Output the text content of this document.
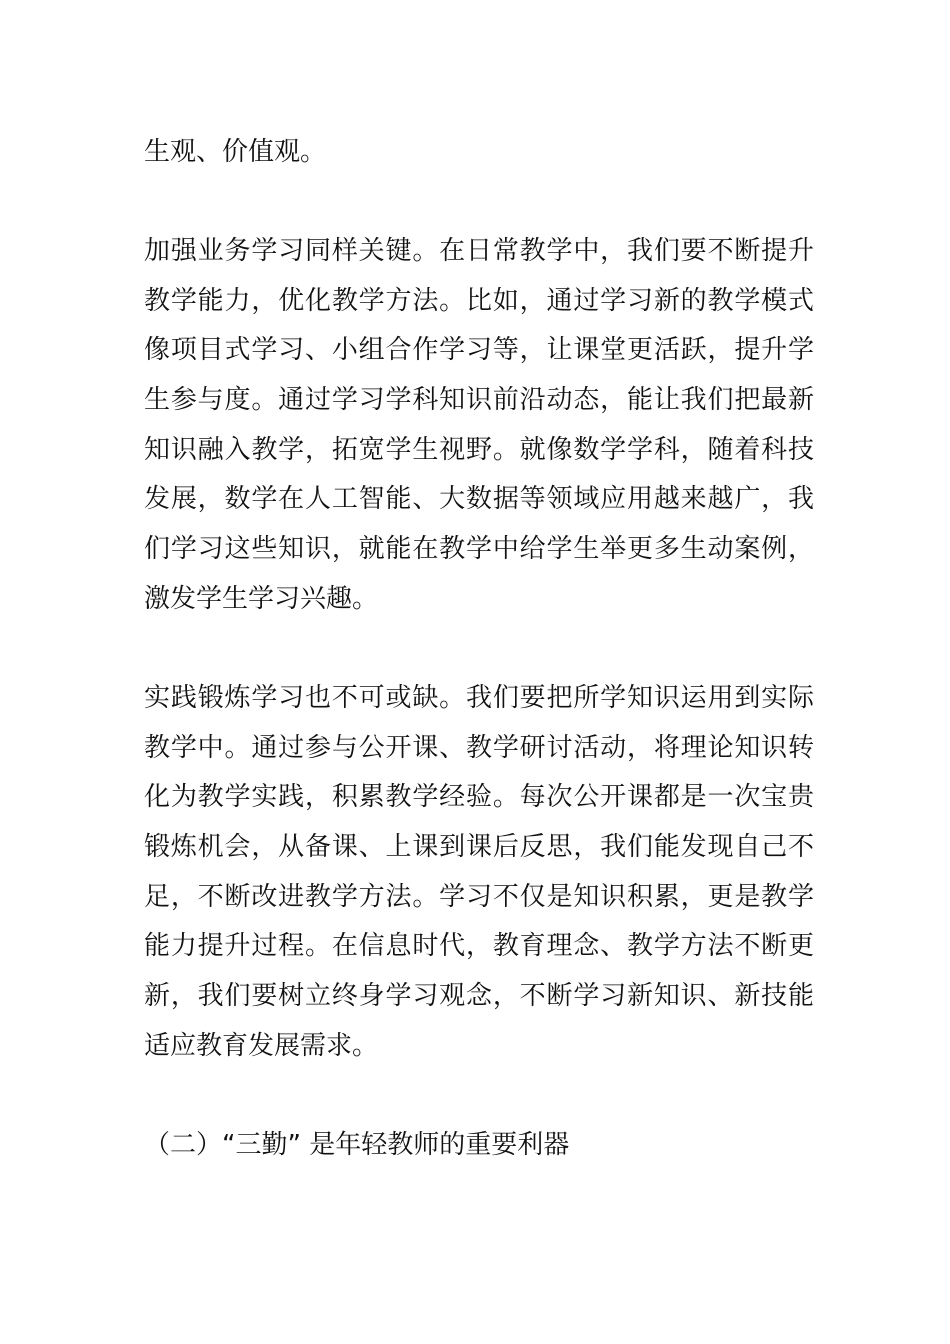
生观、价值观。
加强业务学习同样关键。在日常教学中，我们要不断提升
教学能力，优化教学方法。比如，通过学习新的教学模式
像项目式学习、小组合作学习等，让课堂更活跃，提升学
生参与度。通过学习学科知识前沿动态，能让我们把最新
知识融入教学，拓宽学生视野。就像数学学科，随着科技
发展，数学在人工智能、大数据等领域应用越来越广，我
们学习这些知识，就能在教学中给学生举更多生动案例，
激发学生学习兴趣。
实践锻炼学习也不可或缺。我们要把所学知识运用到实际
教学中。通过参与公开课、教学研讨活动，将理论知识转
化为教学实践，积累教学经验。每次公开课都是一次宝贵
锻炼机会，从备课、上课到课后反思，我们能发现自己不
足，不断改进教学方法。学习不仅是知识积累，更是教学
能力提升过程。在信息时代，教育理念、教学方法不断更
新，我们要树立终身学习观念，不断学习新知识、新技能
适应教育发展需求。
（二）“三勤” 是年轻教师的重要利器
